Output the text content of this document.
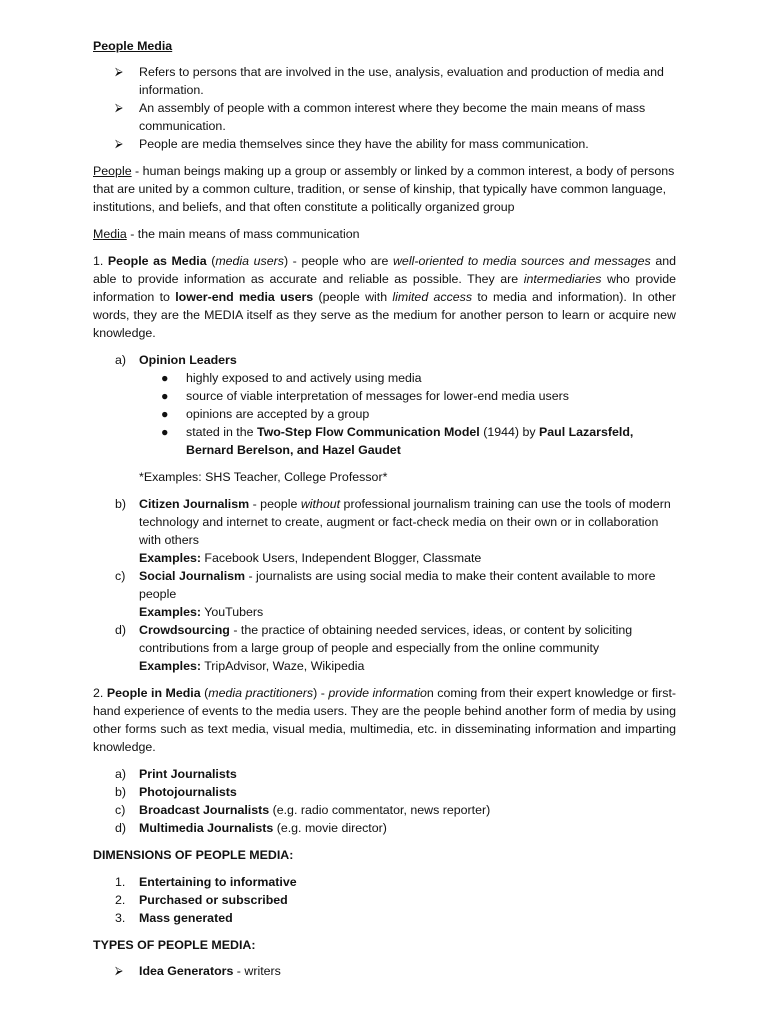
People Media

⮚ Refers to persons that are involved in the use, analysis, evaluation and production of media and information.
⮚ An assembly of people with a common interest where they become the main means of mass communication.
⮚ People are media themselves since they have the ability for mass communication.

People - human beings making up a group or assembly or linked by a common interest, a body of persons that are united by a common culture, tradition, or sense of kinship, that typically have common language, institutions, and beliefs, and that often constitute a politically organized group

Media - the main means of mass communication

1. People as Media (media users) - people who are well-oriented to media sources and messages and able to provide information as accurate and reliable as possible. They are intermediaries who provide information to lower-end media users (people with limited access to media and information). In other words, they are the MEDIA itself as they serve as the medium for another person to learn or acquire new knowledge.

a) Opinion Leaders
● highly exposed to and actively using media
● source of viable interpretation of messages for lower-end media users
● opinions are accepted by a group
● stated in the Two-Step Flow Communication Model (1944) by Paul Lazarsfeld, Bernard Berelson, and Hazel Gaudet

*Examples: SHS Teacher, College Professor*

b) Citizen Journalism - people without professional journalism training can use the tools of modern technology and internet to create, augment or fact-check media on their own or in collaboration with others
Examples: Facebook Users, Independent Blogger, Classmate
c) Social Journalism - journalists are using social media to make their content available to more people
Examples: YouTubers
d) Crowdsourcing - the practice of obtaining needed services, ideas, or content by soliciting contributions from a large group of people and especially from the online community
Examples: TripAdvisor, Waze, Wikipedia

2. People in Media (media practitioners) - provide information coming from their expert knowledge or first-hand experience of events to the media users. They are the people behind another form of media by using other forms such as text media, visual media, multimedia, etc. in disseminating information and imparting knowledge.

a) Print Journalists
b) Photojournalists
c) Broadcast Journalists (e.g. radio commentator, news reporter)
d) Multimedia Journalists (e.g. movie director)

DIMENSIONS OF PEOPLE MEDIA:

1. Entertaining to informative
2. Purchased or subscribed
3. Mass generated

TYPES OF PEOPLE MEDIA:

⮚ Idea Generators - writers
